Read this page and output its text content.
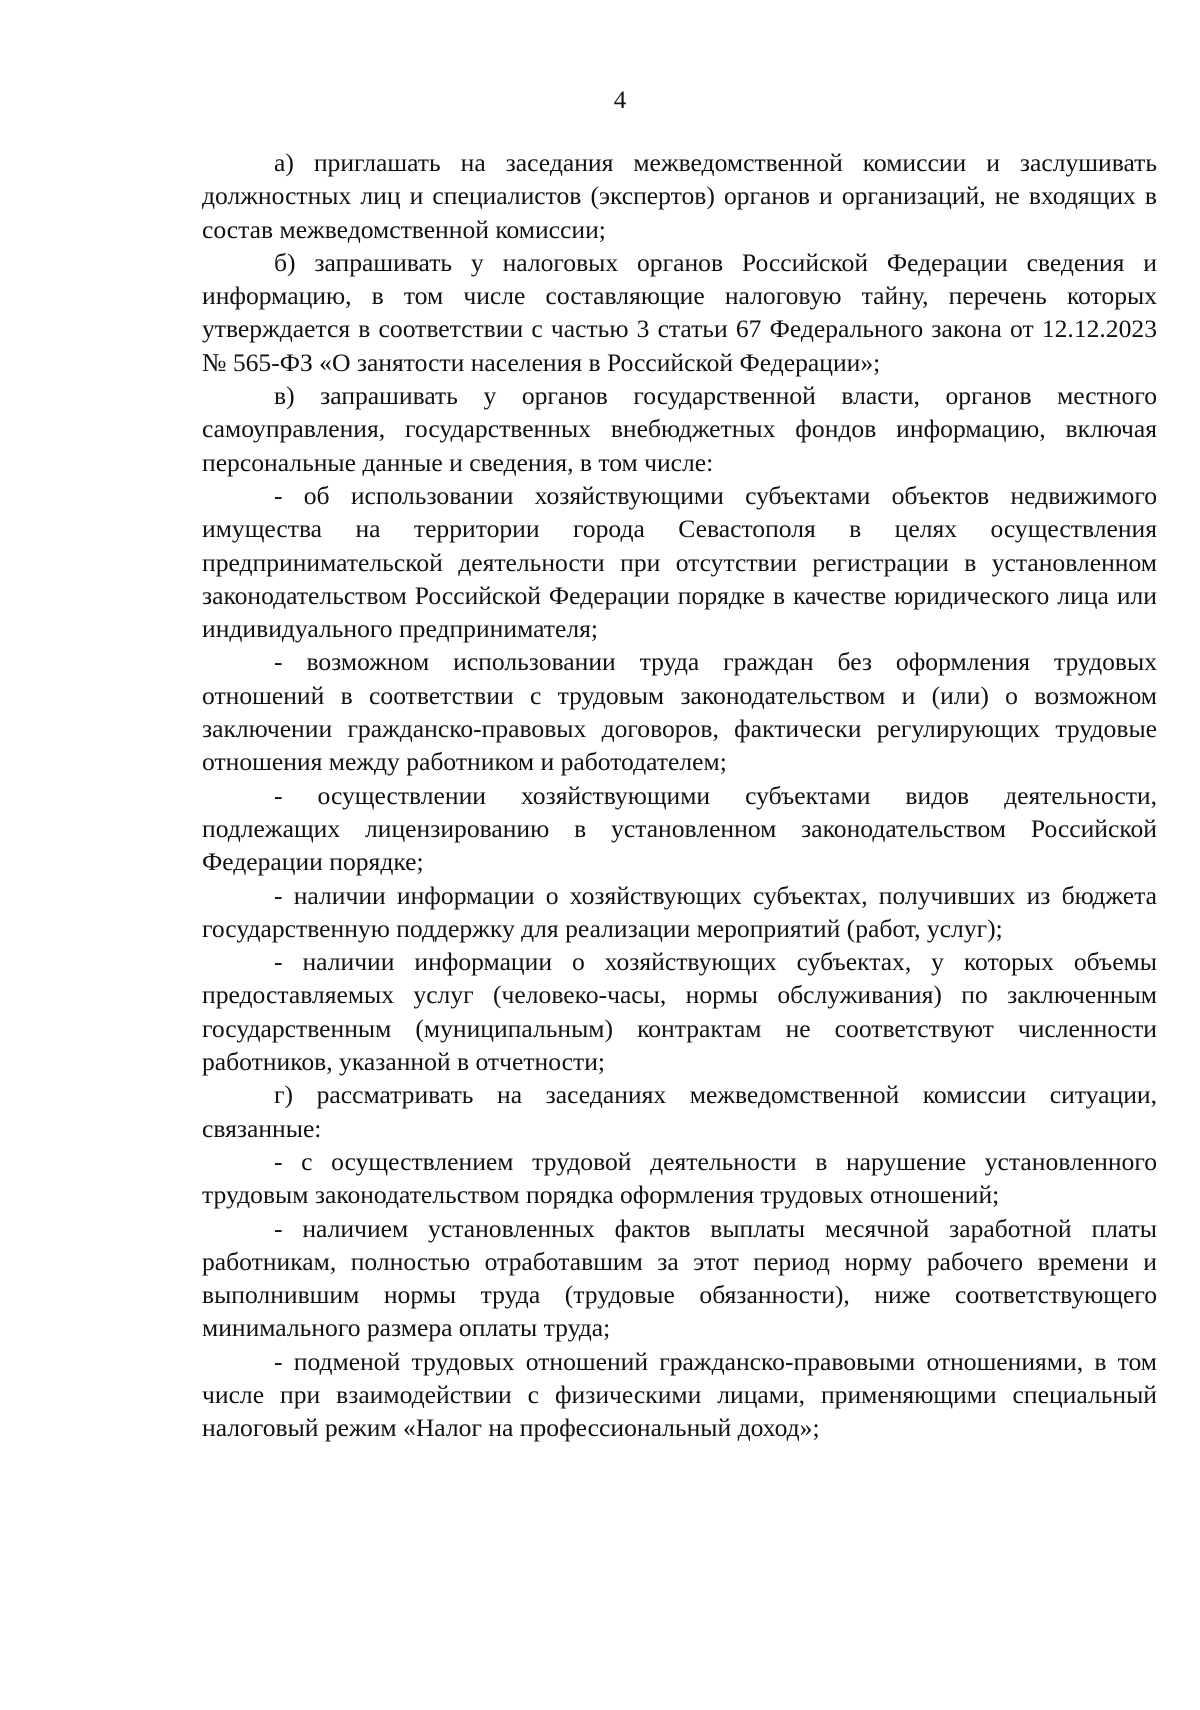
4

а) приглашать на заседания межведомственной комиссии и заслушивать должностных лиц и специалистов (экспертов) органов и организаций, не входящих в состав межведомственной комиссии;

б) запрашивать у налоговых органов Российской Федерации сведения и информацию, в том числе составляющие налоговую тайну, перечень которых утверждается в соответствии с частью 3 статьи 67 Федерального закона от 12.12.2023 № 565-ФЗ «О занятости населения в Российской Федерации»;

в) запрашивать у органов государственной власти, органов местного самоуправления, государственных внебюджетных фондов информацию, включая персональные данные и сведения, в том числе:

- об использовании хозяйствующими субъектами объектов недвижимого имущества на территории города Севастополя в целях осуществления предпринимательской деятельности при отсутствии регистрации в установленном законодательством Российской Федерации порядке в качестве юридического лица или индивидуального предпринимателя;

- возможном использовании труда граждан без оформления трудовых отношений в соответствии с трудовым законодательством и (или) о возможном заключении гражданско-правовых договоров, фактически регулирующих трудовые отношения между работником и работодателем;

- осуществлении хозяйствующими субъектами видов деятельности, подлежащих лицензированию в установленном законодательством Российской Федерации порядке;

- наличии информации о хозяйствующих субъектах, получивших из бюджета государственную поддержку для реализации мероприятий (работ, услуг);

- наличии информации о хозяйствующих субъектах, у которых объемы предоставляемых услуг (человеко-часы, нормы обслуживания) по заключенным государственным (муниципальным) контрактам не соответствуют численности работников, указанной в отчетности;

г) рассматривать на заседаниях межведомственной комиссии ситуации, связанные:

- с осуществлением трудовой деятельности в нарушение установленного трудовым законодательством порядка оформления трудовых отношений;

- наличием установленных фактов выплаты месячной заработной платы работникам, полностью отработавшим за этот период норму рабочего времени и выполнившим нормы труда (трудовые обязанности), ниже соответствующего минимального размера оплаты труда;

- подменой трудовых отношений гражданско-правовыми отношениями, в том числе при взаимодействии с физическими лицами, применяющими специальный налоговый режим «Налог на профессиональный доход»;
